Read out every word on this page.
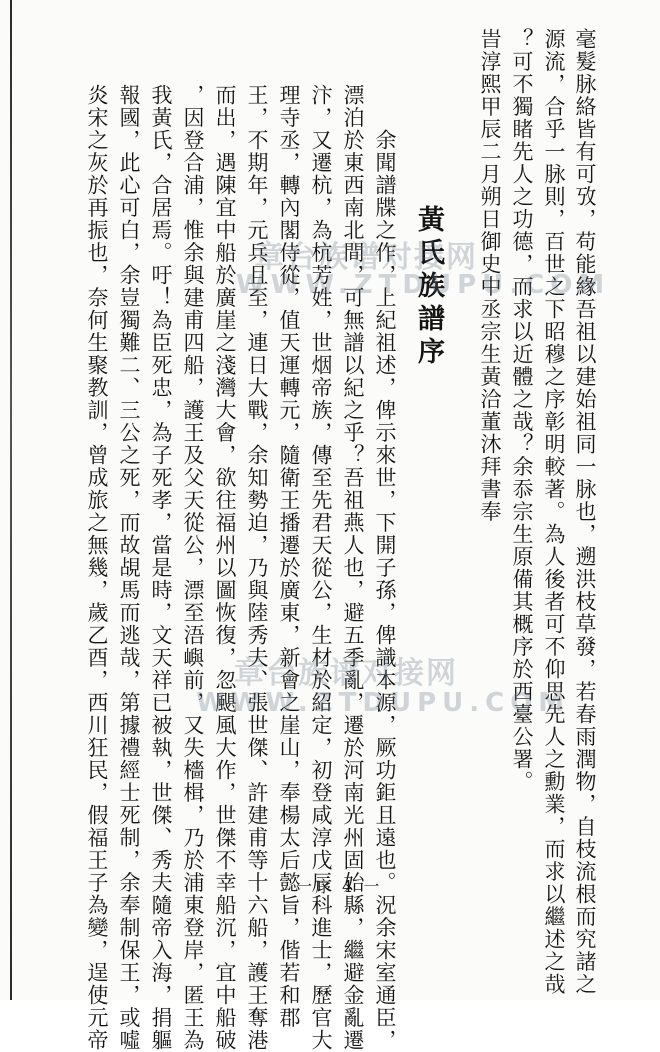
毫髮脉絡皆有可攷，苟能緣吾祖以建始祖同一脉也，遡洪枝草發，若春雨潤物，自枝流根而究諸之
源流，合乎一脉則，百世之下昭穆之序彰明較著。為人後者可不仰思先人之勳業，而求以繼述之哉
？可不獨睹先人之功德，而求以近體之哉？余忝宗生原備其概序於西臺公署。
旹淳熙甲辰二月朔日御史中丞宗生黃洽董沐拜書奉
黃氏族譜序
　　余聞譜牒之作，上紀祖述，俾示來世，下開子孫，俾識本源，厥功鉅且遠也。況余宋室通臣，
漂泊於東西南北間，可無譜以紀之乎？吾祖燕人也，避五季亂，遷於河南光州固始縣，繼避金亂遷
汴，又遷杭，為杭芳姓，世烟帝族，傳至先君天從公，生材於紹定，初登咸淳戊辰科進士，歷官大
理寺丞，轉內閣侍從，值天運轉元，隨衛王播遷於廣東，新會之崖山，奉楊太后懿旨，偕若和郡
王，不期年，元兵且至，連日大戰，余知勢迫，乃與陸秀夫、張世傑、許建甫等十六船，護王奪港
而出，遇陳宜中船於廣崖之淺灣大會，欲往福州以圖恢復，忽颶風大作，世傑不幸船沉，宜中船破
，因登合浦，惟余與建甫四船，護王及父天從公，漂至浯嶼前，又失檣楫，乃於浦東登岸，匿王為
我黃氏，合居焉。吁！為臣死忠，為子死孝，當是時，文天祥已被執，世傑、秀夫隨帝入海，捐軀
報國，此心可白，余豈獨難二、三公之死，而故覘馬而逃哉，第據禮經士死制，余奉制保王，或噓
炎宋之灰於再振也，奈何生聚教訓，曾成旅之無幾，歲乙酉，西川狂民，假福王子為變，逞使元帝	章台族谱对接网
WWW.ZTDUPU.COM
章台族谱对接网
WWW.ZTDUPU.COM
一序 4 一
